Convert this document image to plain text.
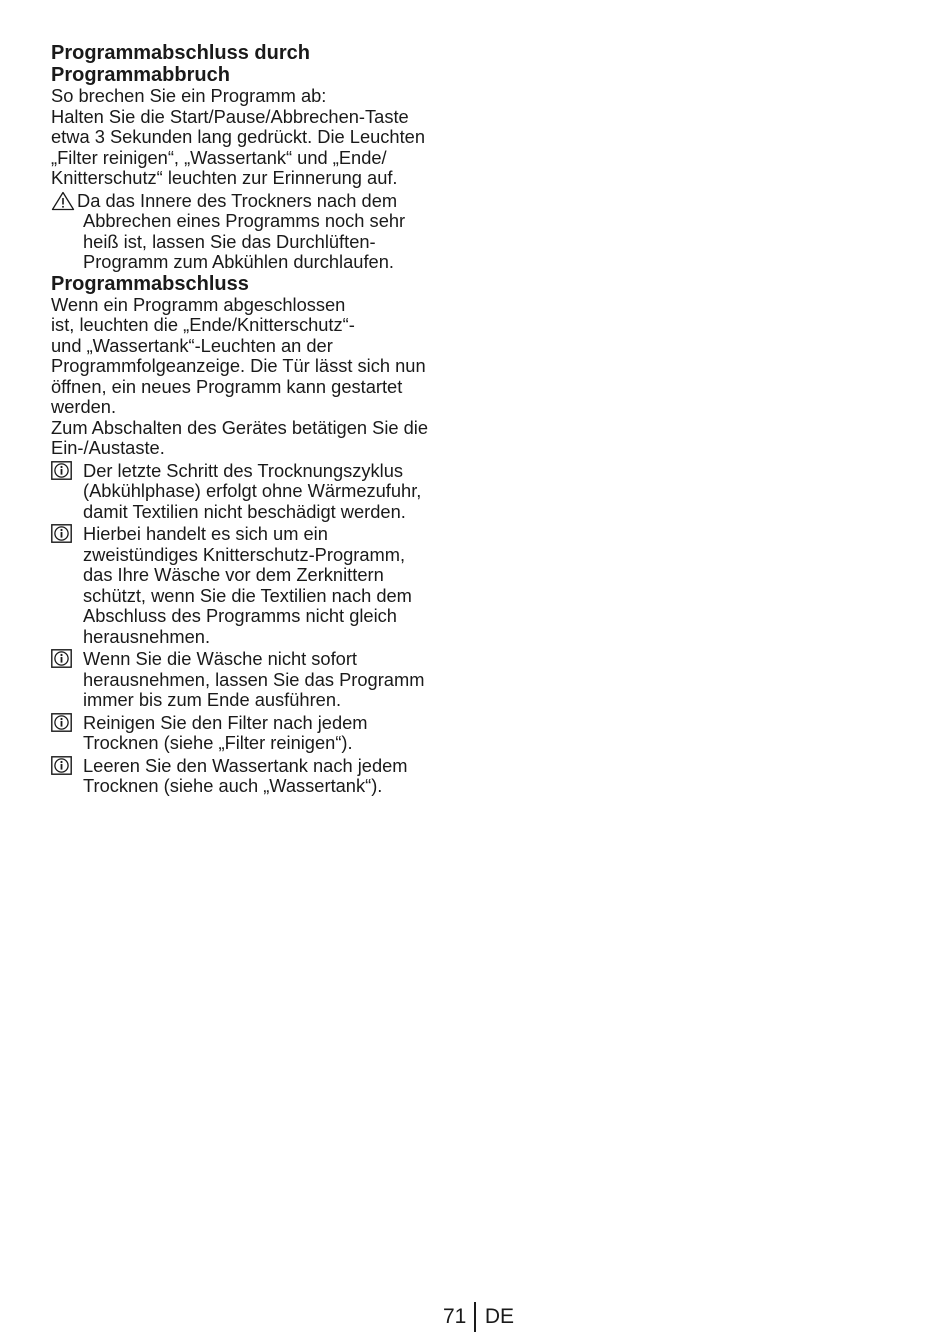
Programmabschluss durch
Programmabbruch
So brechen Sie ein Programm ab:
Halten Sie die Start/Pause/Abbrechen-Taste
etwa 3 Sekunden lang gedrückt. Die Leuchten
„Filter reinigen“, „Wassertank“ und „Ende/
Knitterschutz“ leuchten zur Erinnerung auf.
Da das Innere des Trockners nach dem
Abbrechen eines Programms noch sehr
heiß ist, lassen Sie das Durchlüften-
Programm zum Abkühlen durchlaufen.
Programmabschluss
Wenn ein Programm abgeschlossen
ist, leuchten die „Ende/Knitterschutz“-
und „Wassertank“-Leuchten an der
Programmfolgeanzeige. Die Tür lässt sich nun
öffnen, ein neues Programm kann gestartet
werden.
Zum Abschalten des Gerätes betätigen Sie die
Ein-/Austaste.
Der letzte Schritt des Trocknungszyklus
(Abkühlphase) erfolgt ohne Wärmezufuhr,
damit Textilien nicht beschädigt werden.
Hierbei handelt es sich um ein
zweistündiges Knitterschutz-Programm,
das Ihre Wäsche vor dem Zerknittern
schützt, wenn Sie die Textilien nach dem
Abschluss des Programms nicht gleich
herausnehmen.
Wenn Sie die Wäsche nicht sofort
herausnehmen, lassen Sie das Programm
immer bis zum Ende ausführen.
Reinigen Sie den Filter nach jedem
Trocknen (siehe „Filter reinigen“).
Leeren Sie den Wassertank nach jedem
Trocknen (siehe auch „Wassertank“).
71 DE
